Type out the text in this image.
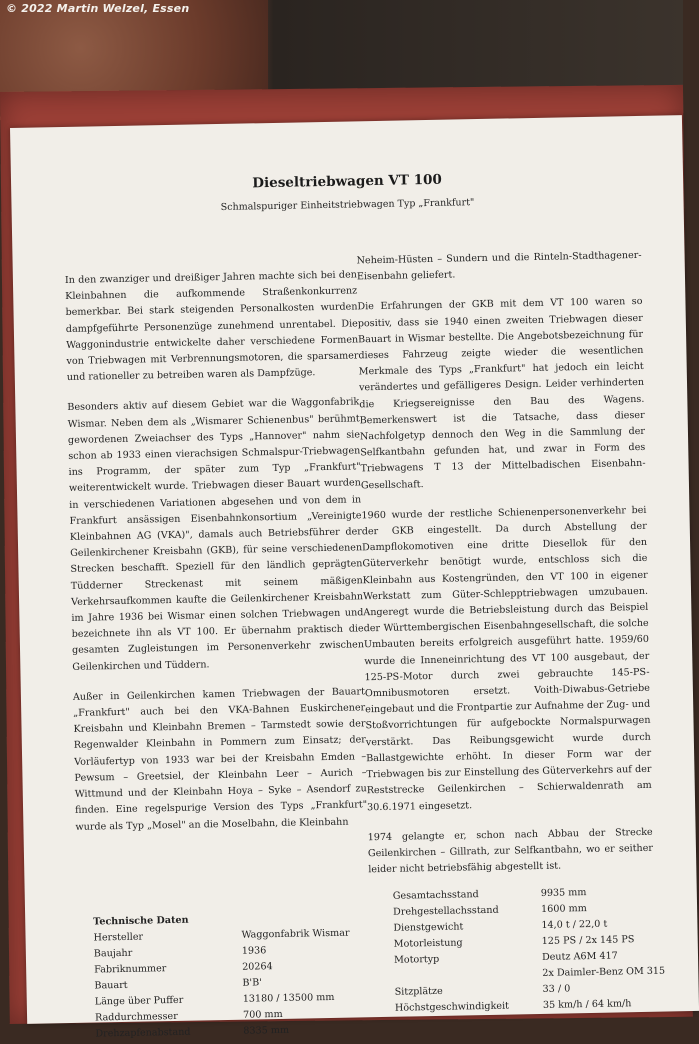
© 2022 Martin Welzel, Essen
Dieseltriebwagen VT 100
Schmalspuriger Einheitstriebwagen Typ „Frankfurt"

In den zwanziger und dreißiger Jahren machte sich bei den Kleinbahnen die aufkommende Straßenkonkurrenz bemerkbar. Bei stark steigenden Personalkosten wurden dampfgeführte Personenzüge zunehmend unrentabel. Die Waggonindustrie entwickelte daher verschiedene Formen von Triebwagen mit Verbrennungsmotoren, die sparsamer und rationeller zu betreiben waren als Dampfzüge.

Besonders aktiv auf diesem Gebiet war die Waggonfabrik Wismar. Neben dem als „Wismarer Schienenbus" berühmt gewordenen Zweiachser des Typs „Hannover" nahm sie schon ab 1933 einen vierachsigen Schmalspur-Triebwagen ins Programm, der später zum Typ „Frankfurt" weiterentwickelt wurde. Triebwagen dieser Bauart wurden in verschiedenen Variationen abgesehen und von dem in Frankfurt ansässigen Eisenbahnkonsortium „Vereinigte Kleinbahnen AG (VKA)", damals auch Betriebsführer der Geilenkirchener Kreisbahn (GKB), für seine verschiedenen Strecken beschafft. Speziell für den ländlich geprägten Tüdderner Streckenast mit seinem mäßigen Verkehrsaufkommen kaufte die Geilenkirchener Kreisbahn im Jahre 1936 bei Wismar einen solchen Triebwagen und bezeichnete ihn als VT 100. Er übernahm praktisch die gesamten Zugleistungen im Personenverkehr zwischen Geilenkirchen und Tüddern.

Außer in Geilenkirchen kamen Triebwagen der Bauart „Frankfurt" auch bei den VKA-Bahnen Euskirchener Kreisbahn und Kleinbahn Bremen – Tarmstedt sowie der Regenwalder Kleinbahn in Pommern zum Einsatz; der Vorläufertyp von 1933 war bei der Kreisbahn Emden – Pewsum – Greetsiel, der Kleinbahn Leer – Aurich – Wittmund und der Kleinbahn Hoya – Syke – Asendorf zu finden. Eine regelspurige Version des Typs „Frankfurt" wurde als Typ „Mosel" an die Moselbahn, die Kleinbahn

Neheim-Hüsten – Sundern und die Rinteln-Stadthagener-Eisenbahn geliefert.

Die Erfahrungen der GKB mit dem VT 100 waren so positiv, dass sie 1940 einen zweiten Triebwagen dieser Bauart in Wismar bestellte. Die Angebotsbezeichnung für dieses Fahrzeug zeigte wieder die wesentlichen Merkmale des Typs „Frankfurt" hat jedoch ein leicht verändertes und gefälligeres Design. Leider verhinderten die Kriegsereignisse den Bau des Wagens. Bemerkenswert ist die Tatsache, dass dieser Nachfolgetyp dennoch den Weg in die Sammlung der Selfkantbahn gefunden hat, und zwar in Form des Triebwagens T 13 der Mittelbadischen Eisenbahn-Gesellschaft.

1960 wurde der restliche Schienenpersonenverkehr bei der GKB eingestellt. Da durch Abstellung der Dampflokomotiven eine dritte Diesellok für den Güterverkehr benötigt wurde, entschloss sich die Kleinbahn aus Kostengründen, den VT 100 in eigener Werkstatt zum Güter-Schlepptriebwagen umzubauen. Angeregt wurde die Betriebsleistung durch das Beispiel der Württembergischen Eisenbahngesellschaft, die solche Umbauten bereits erfolgreich ausgeführt hatte. 1959/60 wurde die Inneneinrichtung des VT 100 ausgebaut, der 125-PS-Motor durch zwei gebrauchte 145-PS-Omnibusmotoren ersetzt. Voith-Diwabus-Getriebe eingebaut und die Frontpartie zur Aufnahme der Zug- und Stoßvorrichtungen für aufgebockte Normalspurwagen verstärkt. Das Reibungsgewicht wurde durch Ballastgewichte erhöht. In dieser Form war der Triebwagen bis zur Einstellung des Güterverkehrs auf der Reststrecke Geilenkirchen – Schierwaldenrath am 30.6.1971 eingesetzt.

1974 gelangte er, schon nach Abbau der Strecke Geilenkirchen – Gillrath, zur Selfkantbahn, wo er seither leider nicht betriebsfähig abgestellt ist.

Technische Daten
Hersteller	Waggonfabrik Wismar
Baujahr	1936
Fabriknummer	20264
Bauart	B'B'
Länge über Puffer	13180 / 13500 mm
Raddurchmesser	700 mm
Drehzapfenabstand	8335 mm
Gesamtachsstand	9935 mm
Drehgestellachsstand	1600 mm
Dienstgewicht	14,0 t / 22,0 t
Motorleistung	125 PS / 2x 145 PS
Motortyp	Deutz A6M 417
2x Daimler-Benz OM 315
Sitzplätze	33 / 0
Höchstgeschwindigkeit	35 km/h / 64 km/h
